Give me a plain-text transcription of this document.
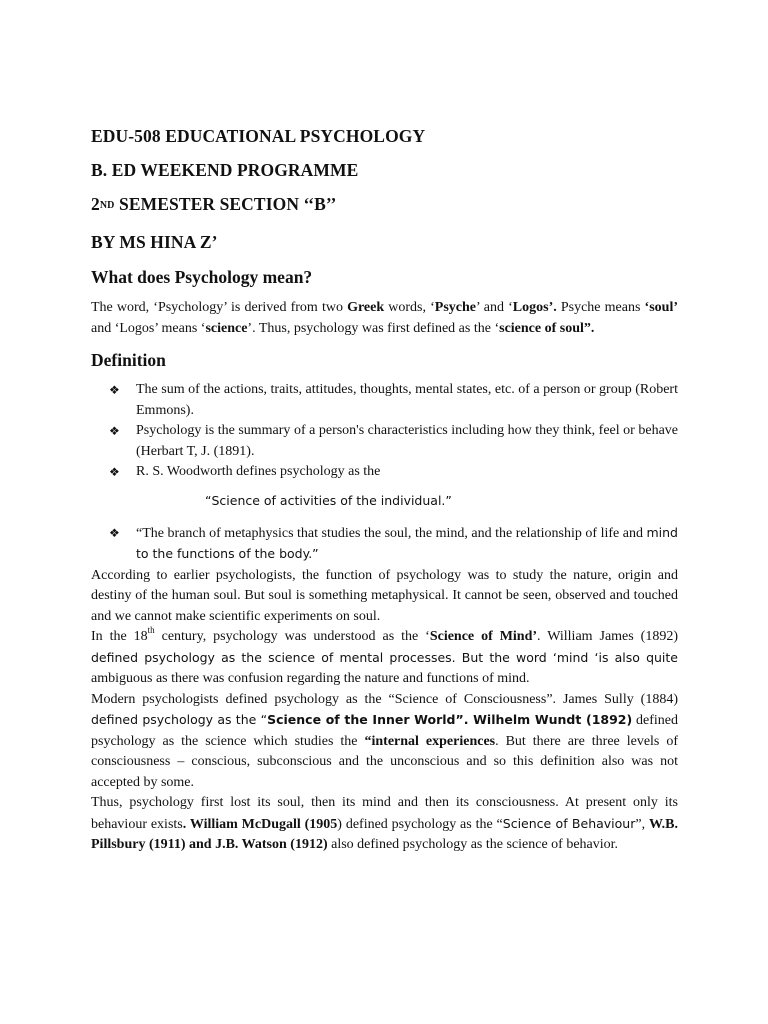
EDU-508 EDUCATIONAL PSYCHOLOGY

B. ED WEEKEND PROGRAMME

2ND SEMESTER SECTION ‘‘B’’

BY MS HINA Z’

What does Psychology mean?

The word, ‘Psychology’ is derived from two Greek words, ‘Psyche’ and ‘Logos’. Psyche means ‘soul’ and ‘Logos’ means ‘science’. Thus, psychology was first defined as the ‘science of soul”.

Definition

❖ The sum of the actions, traits, attitudes, thoughts, mental states, etc. of a person or group (Robert Emmons).
❖ Psychology is the summary of a person's characteristics including how they think, feel or behave (Herbart T, J. (1891).
❖ R. S. Woodworth defines psychology as the
“Science of activities of the individual.”
❖ “The branch of metaphysics that studies the soul, the mind, and the relationship of life and mind to the functions of the body.”

According to earlier psychologists, the function of psychology was to study the nature, origin and destiny of the human soul. But soul is something metaphysical. It cannot be seen, observed and touched and we cannot make scientific experiments on soul.

In the 18th century, psychology was understood as the ‘Science of Mind’. William James (1892) defined psychology as the science of mental processes. But the word ‘mind ‘is also quite ambiguous as there was confusion regarding the nature and functions of mind.

Modern psychologists defined psychology as the “Science of Consciousness”. James Sully (1884) defined psychology as the “Science of the Inner World”. Wilhelm Wundt (1892) defined psychology as the science which studies the “internal experiences. But there are three levels of consciousness – conscious, subconscious and the unconscious and so this definition also was not accepted by some.

Thus, psychology first lost its soul, then its mind and then its consciousness. At present only its behaviour exists. William McDugall (1905) defined psychology as the “Science of Behaviour”, W.B. Pillsbury (1911) and J.B. Watson (1912) also defined psychology as the science of behavior.
